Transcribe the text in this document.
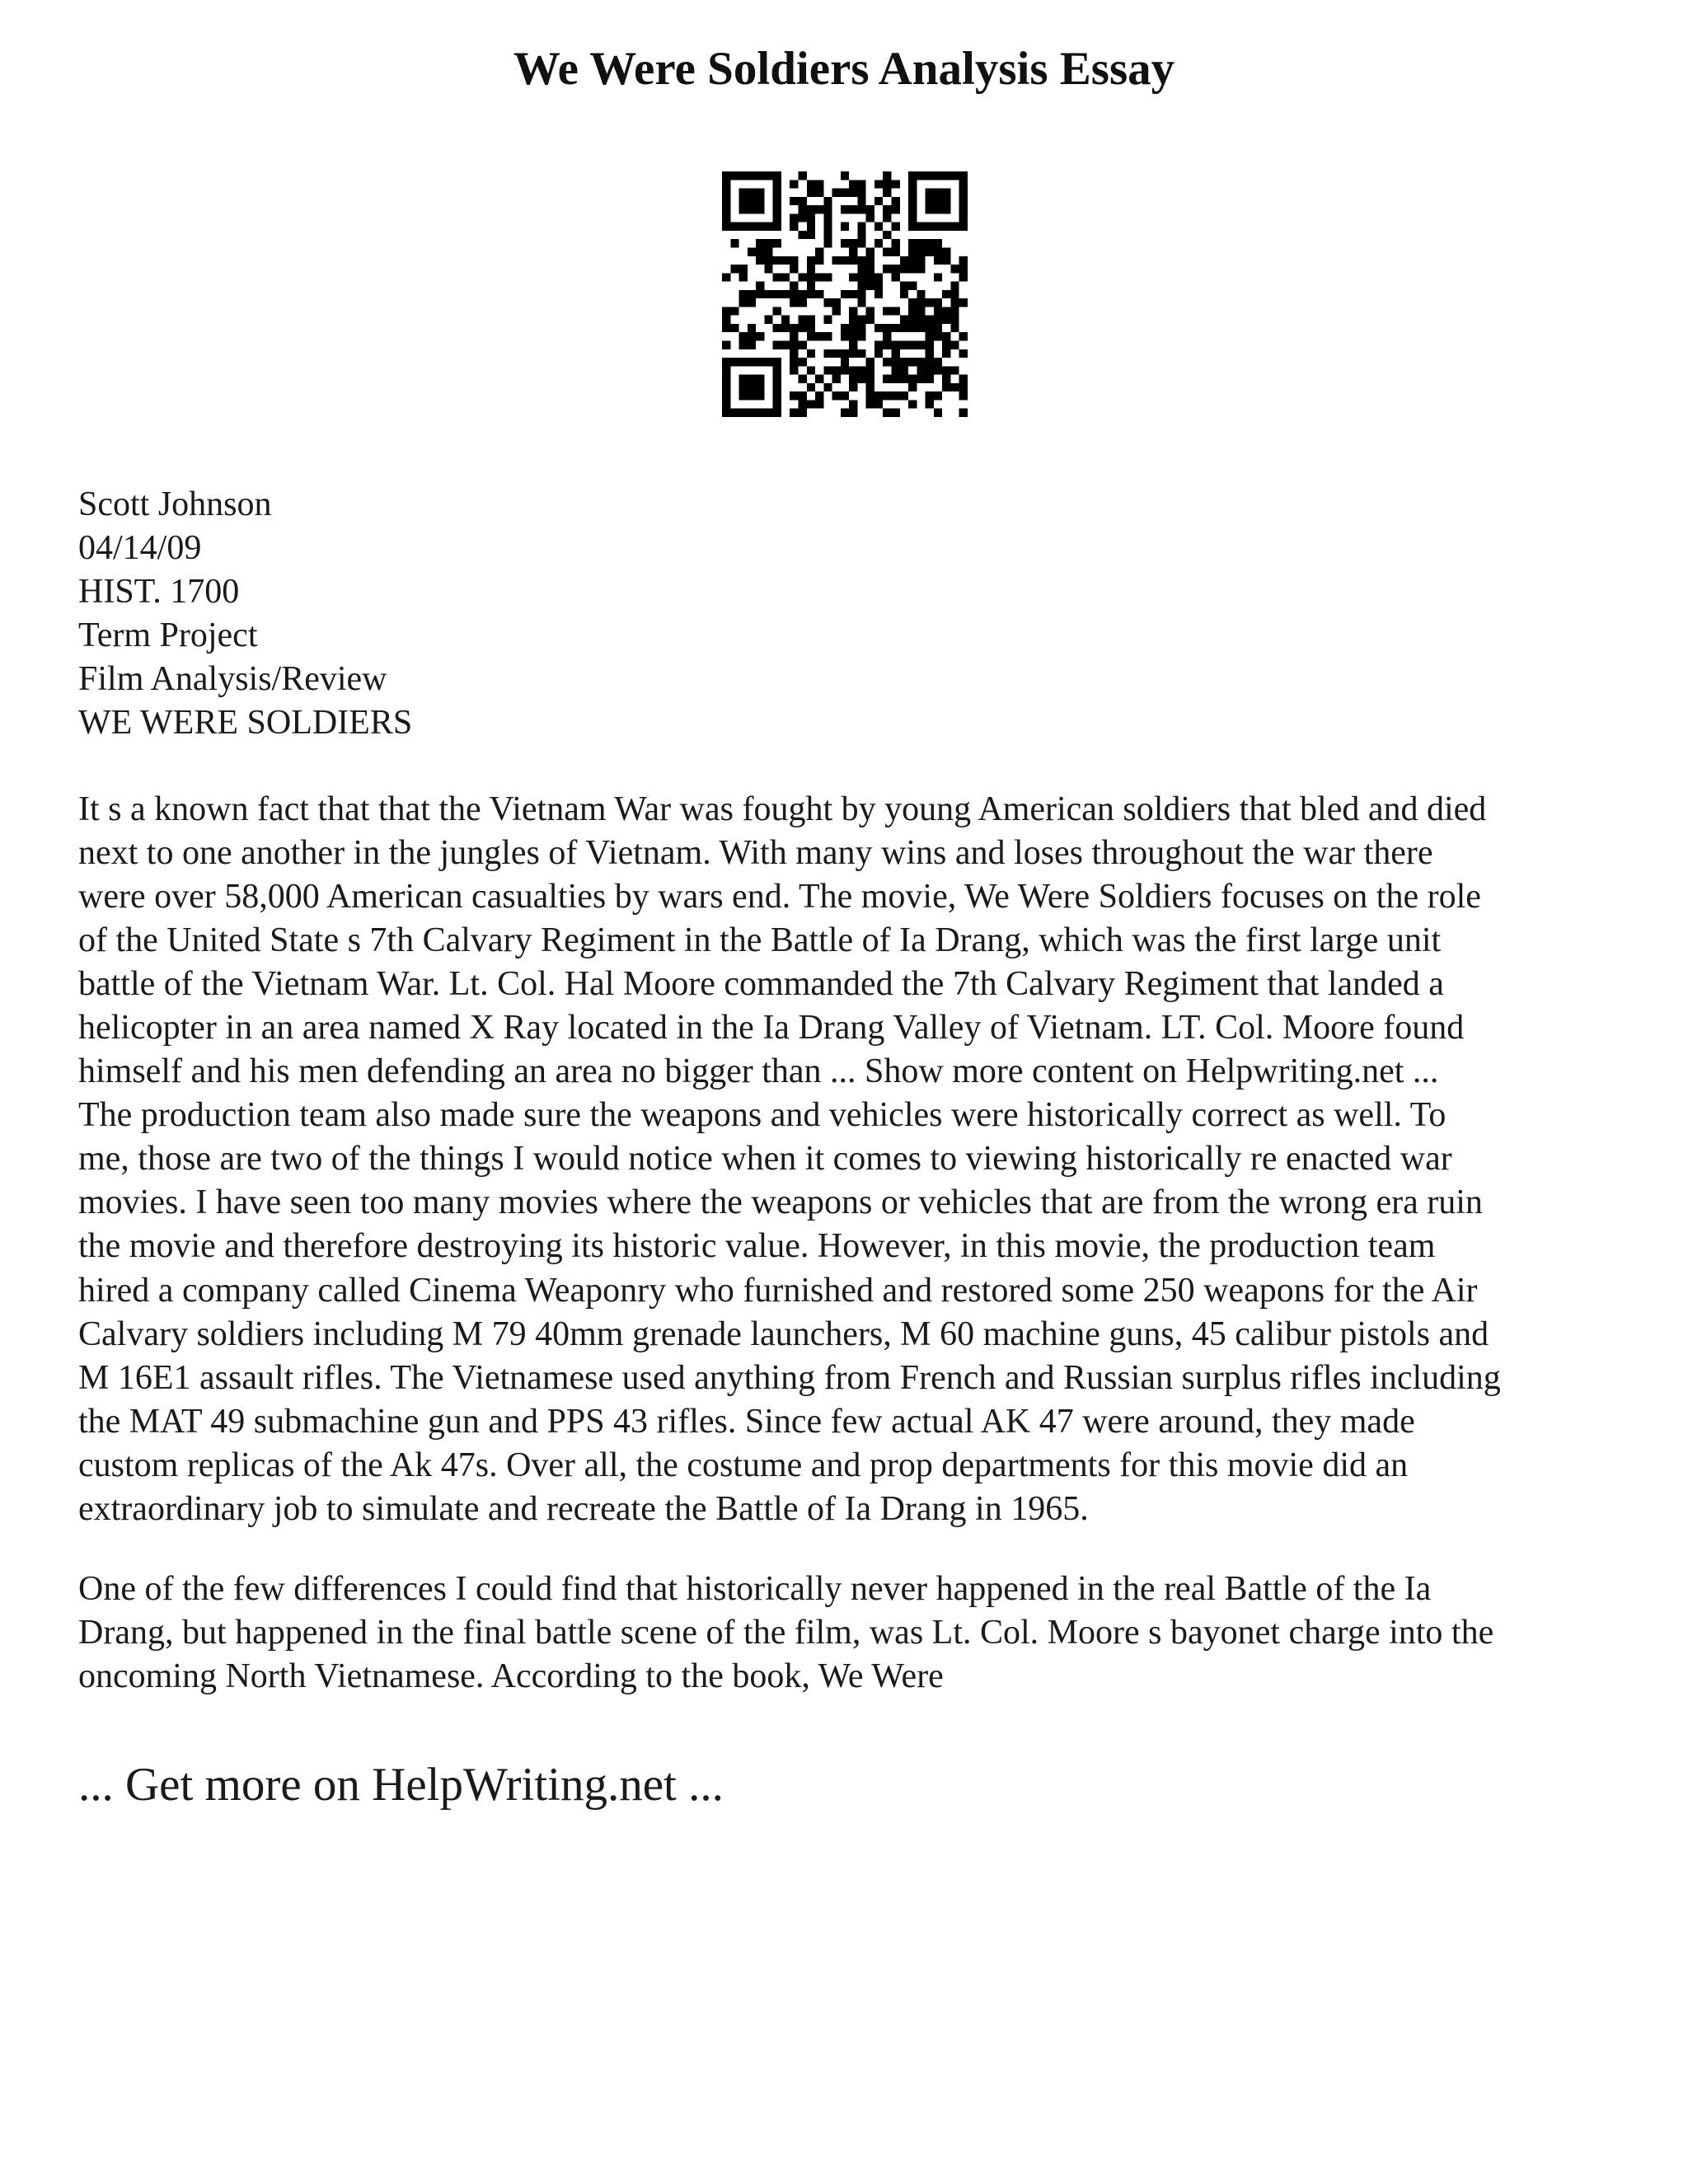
We Were Soldiers Analysis Essay
Scott Johnson
04/14/09
HIST. 1700
Term Project
Film Analysis/Review
WE WERE SOLDIERS

It s a known fact that that the Vietnam War was fought by young American soldiers that bled and died
next to one another in the jungles of Vietnam. With many wins and loses throughout the war there
were over 58,000 American casualties by wars end. The movie, We Were Soldiers focuses on the role
of the United State s 7th Calvary Regiment in the Battle of Ia Drang, which was the first large unit
battle of the Vietnam War. Lt. Col. Hal Moore commanded the 7th Calvary Regiment that landed a
helicopter in an area named X Ray located in the Ia Drang Valley of Vietnam. LT. Col. Moore found
himself and his men defending an area no bigger than ... Show more content on Helpwriting.net ...
The production team also made sure the weapons and vehicles were historically correct as well. To
me, those are two of the things I would notice when it comes to viewing historically re enacted war
movies. I have seen too many movies where the weapons or vehicles that are from the wrong era ruin
the movie and therefore destroying its historic value. However, in this movie, the production team
hired a company called Cinema Weaponry who furnished and restored some 250 weapons for the Air
Calvary soldiers including M 79 40mm grenade launchers, M 60 machine guns, 45 calibur pistols and
M 16E1 assault rifles. The Vietnamese used anything from French and Russian surplus rifles including
the MAT 49 submachine gun and PPS 43 rifles. Since few actual AK 47 were around, they made
custom replicas of the Ak 47s. Over all, the costume and prop departments for this movie did an
extraordinary job to simulate and recreate the Battle of Ia Drang in 1965.

One of the few differences I could find that historically never happened in the real Battle of the Ia
Drang, but happened in the final battle scene of the film, was Lt. Col. Moore s bayonet charge into the
oncoming North Vietnamese. According to the book, We Were

... Get more on HelpWriting.net ...
